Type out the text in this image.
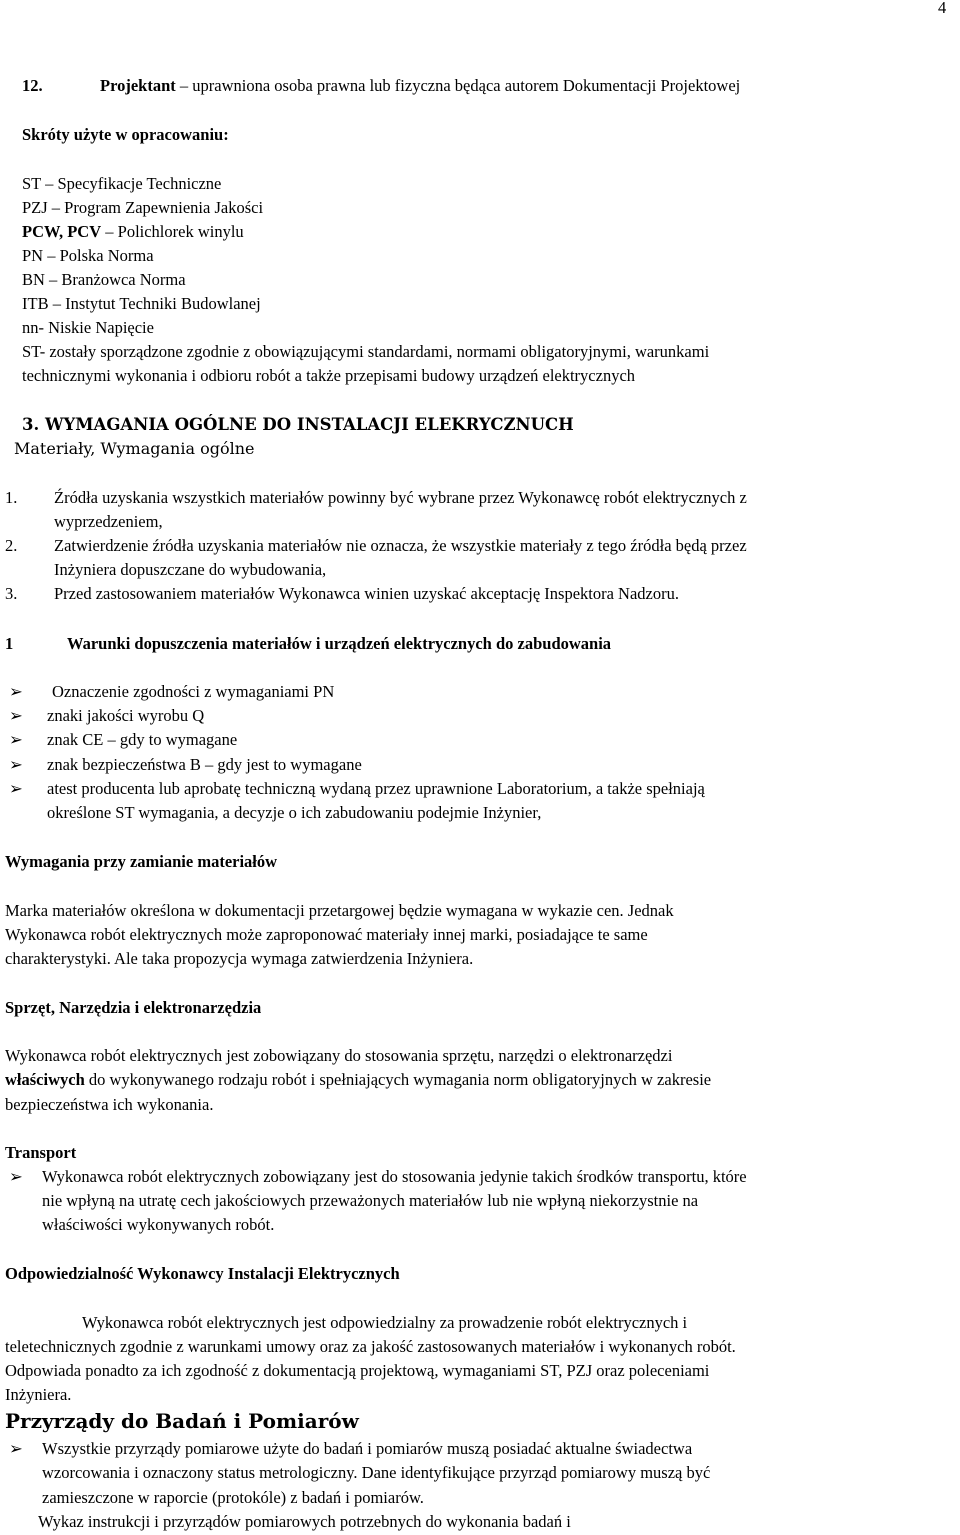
4
12.	Projektant – uprawniona osoba prawna lub fizyczna będąca autorem Dokumentacji Projektowej
Skróty użyte w opracowaniu:
ST – Specyfikacje Techniczne
PZJ – Program Zapewnienia Jakości
PCW, PCV – Polichlorek winylu
PN – Polska Norma
BN – Branżowca Norma
ITB – Instytut Techniki Budowlanej
nn- Niskie Napięcie
ST- zostały sporządzone zgodnie z obowiązującymi standardami, normami obligatoryjnymi, warunkami
technicznymi wykonania i odbioru robót a także przepisami budowy urządzeń elektrycznych
3. WYMAGANIA OGÓLNE DO INSTALACJI ELEKRYCZNUCH
Materiały, Wymagania ogólne
1. Źródła uzyskania wszystkich materiałów powinny być wybrane przez Wykonawcę robót elektrycznych z
wyprzedzeniem,
2. Zatwierdzenie źródła uzyskania materiałów nie oznacza, że wszystkie materiały z tego źródła będą przez
Inżyniera dopuszczane do wybudowania,
3. Przed zastosowaniem materiałów Wykonawca winien uzyskać akceptację Inspektora Nadzoru.
1	Warunki dopuszczenia materiałów i urządzeń elektrycznych do zabudowania
➢	Oznaczenie zgodności z wymaganiami PN
➢	znaki jakości wyrobu Q
➢	znak CE – gdy to wymagane
➢	znak bezpieczeństwa B – gdy jest to wymagane
➢	atest producenta lub aprobatę techniczną wydaną przez uprawnione Laboratorium, a także spełniają
określone ST wymagania, a decyzje o ich zabudowaniu podejmie Inżynier,
Wymagania przy zamianie materiałów
Marka materiałów określona w dokumentacji przetargowej będzie wymagana w wykazie cen. Jednak
Wykonawca robót elektrycznych może zaproponować materiały innej marki, posiadające te same
charakterystyki. Ale taka propozycja wymaga zatwierdzenia Inżyniera.
Sprzęt, Narzędzia i elektronarzędzia
Wykonawca robót elektrycznych jest zobowiązany do stosowania sprzętu, narzędzi o elektronarzędzi
właściwych do wykonywanego rodzaju robót i spełniających wymagania norm obligatoryjnych w zakresie
bezpieczeństwa ich wykonania.
Transport
➢	Wykonawca robót elektrycznych zobowiązany jest do stosowania jedynie takich środków transportu, które
nie wpłyną na utratę cech jakościowych przeważonych materiałów lub nie wpłyną niekorzystnie na
właściwości wykonywanych robót.
Odpowiedzialność Wykonawcy Instalacji Elektrycznych
Wykonawca robót elektrycznych jest odpowiedzialny za prowadzenie robót elektrycznych i
teletechnicznych zgodnie z warunkami umowy oraz za jakość zastosowanych materiałów i wykonanych robót.
Odpowiada ponadto za ich zgodność z dokumentacją projektową, wymaganiami ST, PZJ oraz poleceniami
Inżyniera.
Przyrządy do Badań i Pomiarów
➢	Wszystkie przyrządy pomiarowe użyte do badań i pomiarów muszą posiadać aktualne świadectwa
wzorcowania i oznaczony status metrologiczny. Dane identyfikujące przyrząd pomiarowy muszą być
zamieszczone w raporcie (protokóle) z badań i pomiarów.
Wykaz instrukcji i przyrządów pomiarowych potrzebnych do wykonania badań i
